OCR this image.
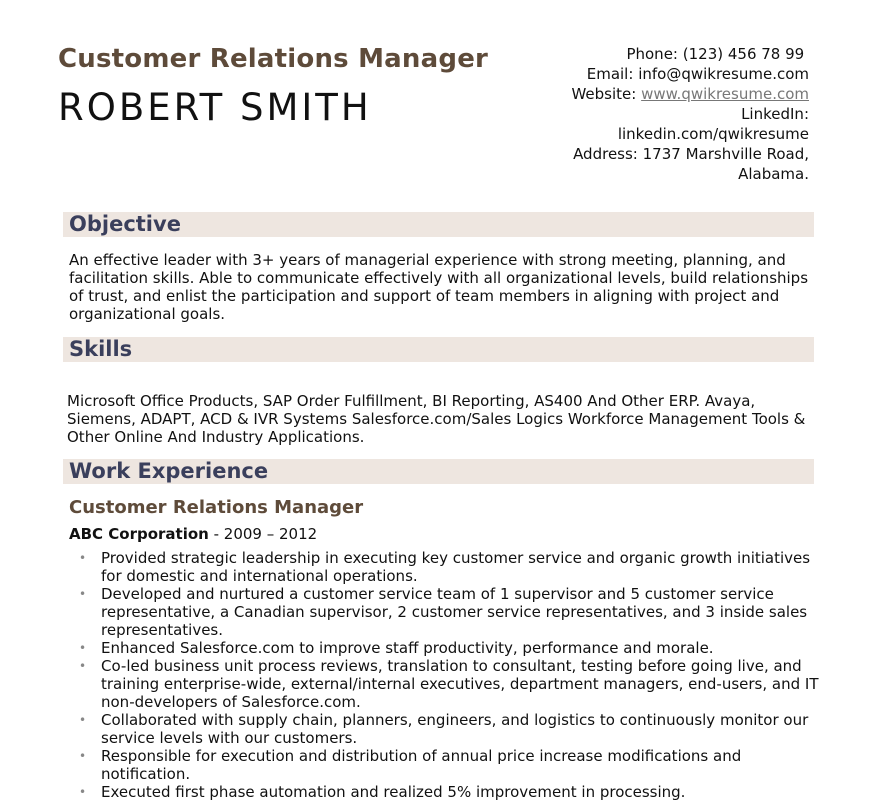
Customer Relations Manager
ROBERT SMITH
Phone: (123) 456 78 99
Email: info@qwikresume.com
Website: www.qwikresume.com
LinkedIn:
linkedin.com/qwikresume
Address: 1737 Marshville Road,
Alabama.
Objective
An effective leader with 3+ years of managerial experience with strong meeting, planning, and facilitation skills. Able to communicate effectively with all organizational levels, build relationships of trust, and enlist the participation and support of team members in aligning with project and organizational goals.
Skills
Microsoft Office Products, SAP Order Fulfillment, BI Reporting, AS400 And Other ERP. Avaya, Siemens, ADAPT, ACD & IVR Systems Salesforce.com/Sales Logics Workforce Management Tools & Other Online And Industry Applications.
Work Experience
Customer Relations Manager
ABC Corporation - 2009 – 2012
• Provided strategic leadership in executing key customer service and organic growth initiatives for domestic and international operations.
• Developed and nurtured a customer service team of 1 supervisor and 5 customer service representative, a Canadian supervisor, 2 customer service representatives, and 3 inside sales representatives.
• Enhanced Salesforce.com to improve staff productivity, performance and morale.
• Co-led business unit process reviews, translation to consultant, testing before going live, and training enterprise-wide, external/internal executives, department managers, end-users, and IT non-developers of Salesforce.com.
• Collaborated with supply chain, planners, engineers, and logistics to continuously monitor our service levels with our customers.
• Responsible for execution and distribution of annual price increase modifications and notification.
• Executed first phase automation and realized 5% improvement in processing.
